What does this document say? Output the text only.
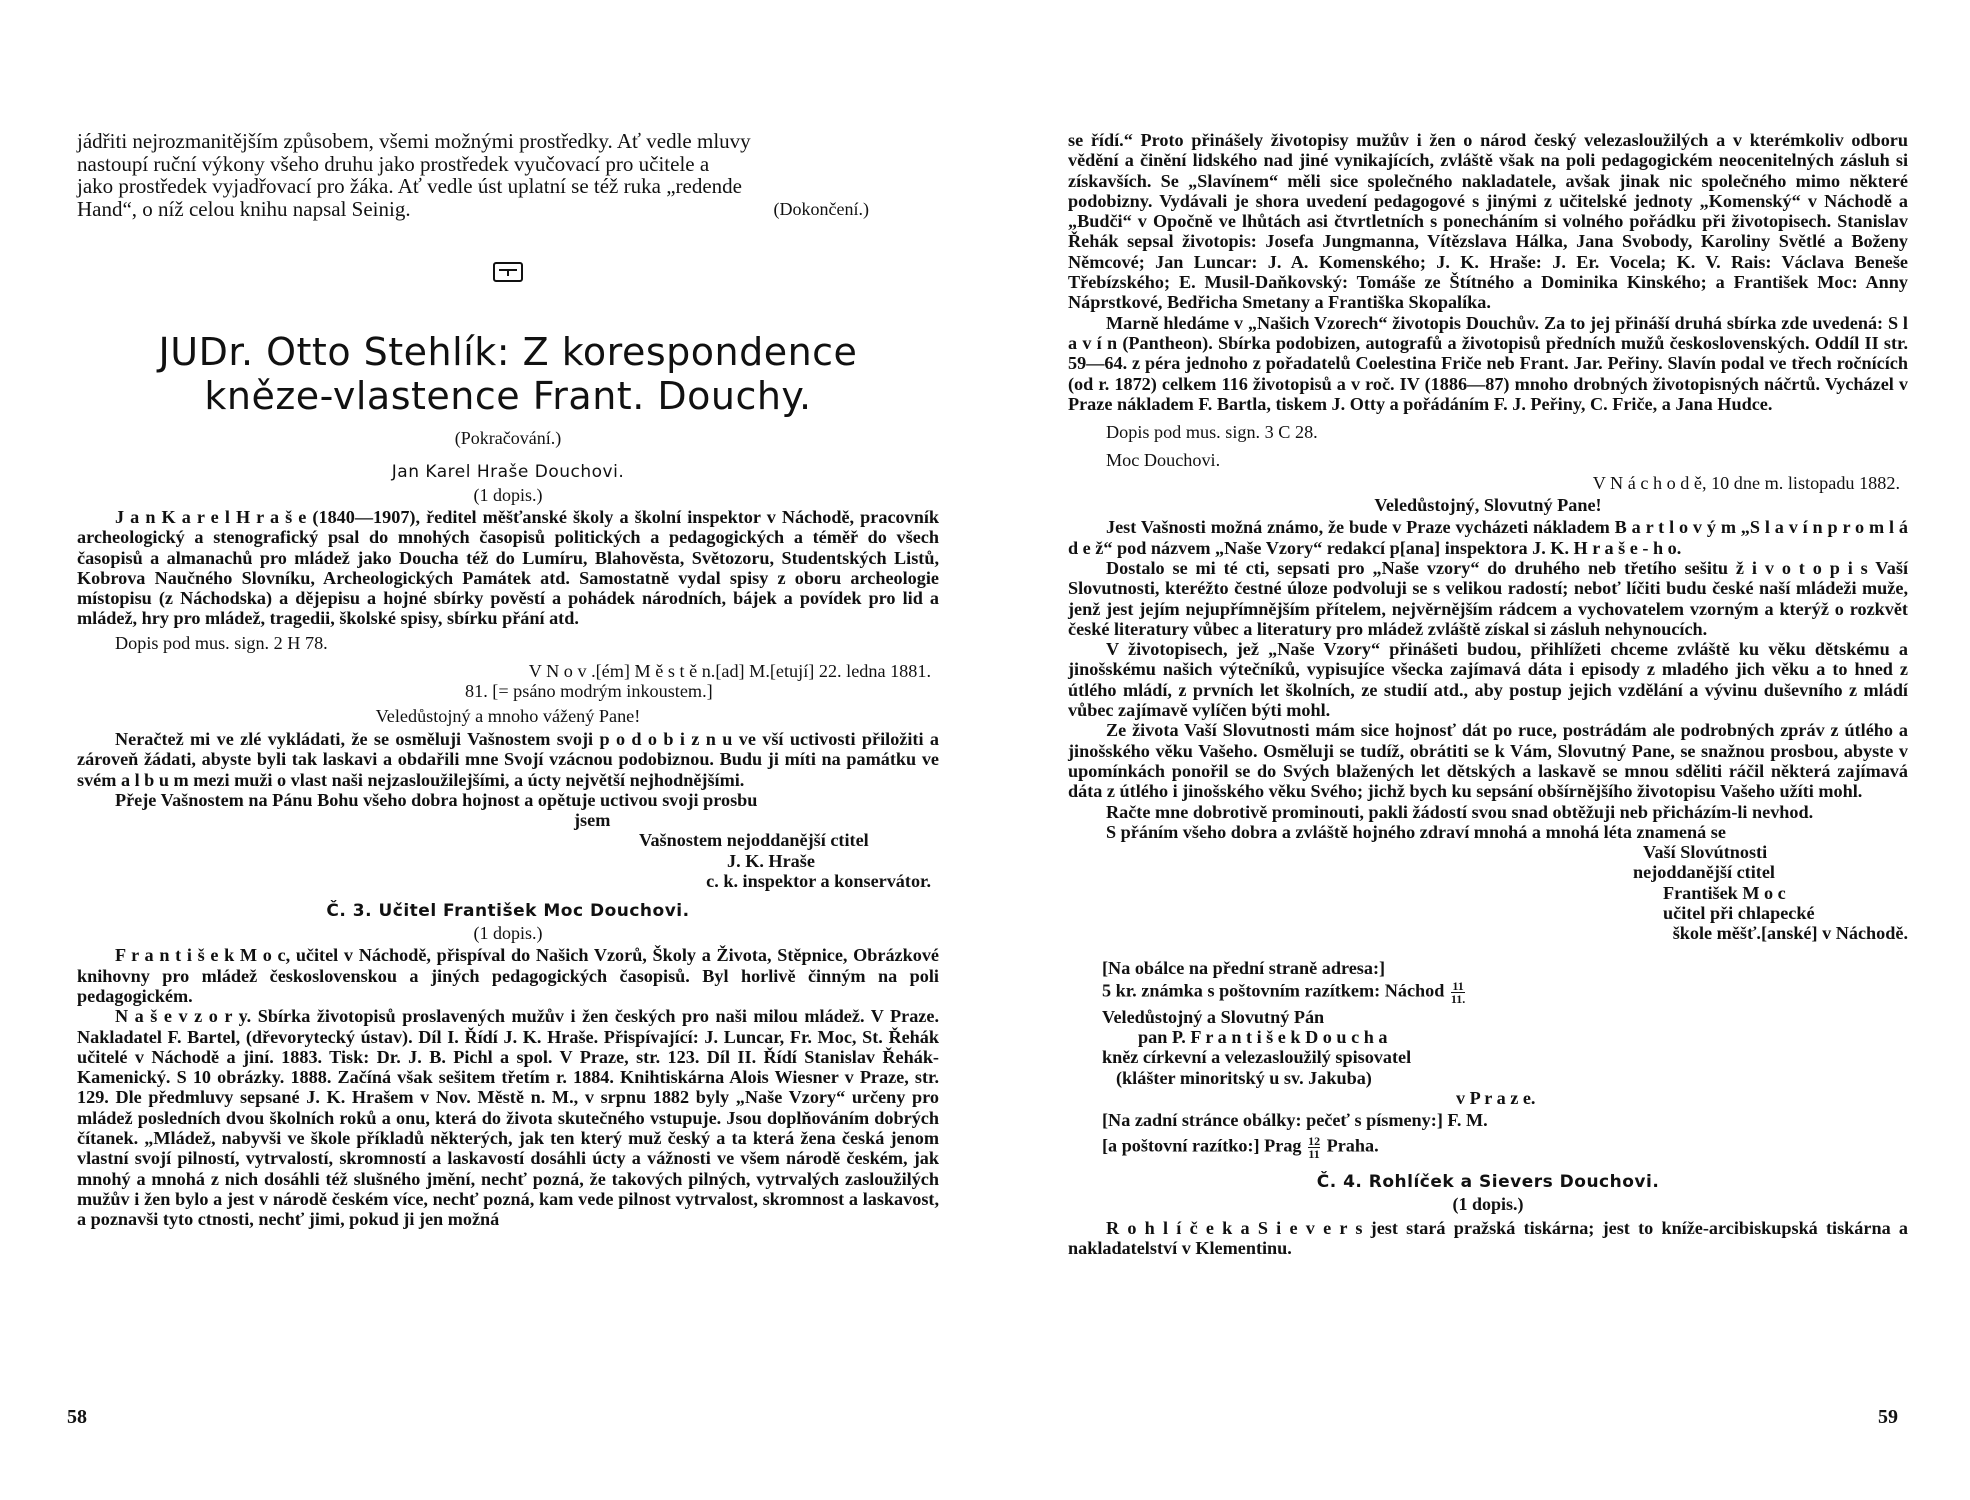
jádřiti nejrozmanitějším způsobem, všemi možnými prostředky. Ať vedle mluvy

nastoupí ruční výkony všeho druhu jako prostředek vyučovací pro učitele a

jako prostředek vyjadřovací pro žáka. Ať vedle úst uplatní se též ruka „redende

Hand“, o níž celou knihu napsal Seinig.	(Dokončení.)

JUDr. Otto Stehlík: Z korespondence

kněze-vlastence Frant. Douchy.

(Pokračování.)

Jan Karel Hraše Douchovi.

(1 dopis.)

J a n K a r e l H r a š e (1840—1907), ředitel měšťanské školy a školní inspektor v Náchodě, pracovník archeologický a stenografický psal do mnohých časopisů politických a pedagogických a téměř do všech časopisů a almanachů pro mládež jako Doucha též do Lumíru, Blahověsta, Světozoru, Studentských Listů, Kobrova Naučného Slovníku, Archeologických Památek atd. Samostatně vydal spisy z oboru archeologie místopisu (z Náchodska) a dějepisu a hojné sbírky pověstí a pohádek národních, bájek a povídek pro lid a mládež, hry pro mládež, tragedii, školské spisy, sbírku přání atd.

Dopis pod mus. sign. 2 H 78.

V N o v .[ém] M ě s t ě n.[ad] M.[etují] 22. ledna 1881.

81. [= psáno modrým inkoustem.]

Veledůstojný a mnoho vážený Pane!

Neračtež mi ve zlé vykládati, že se osměluji Vašnostem svoji p o d o b i z n u ve vší uctivosti přiložiti a zároveň žádati, abyste byli tak laskavi a obdařili mne Svojí vzácnou podobiznou. Budu ji míti na památku ve svém a l b u m mezi muži o vlast naši nejzasloužilejšími, a úcty největší nejhodnějšími.

Přeje Vašnostem na Pánu Bohu všeho dobra hojnost a opětuje uctivou svoji prosbu

jsem

Vašnostem nejoddanější ctitel

J. K. Hraše

c. k. inspektor a konservátor.

Č. 3. Učitel František Moc Douchovi.

(1 dopis.)

F r a n t i š e k M o c, učitel v Náchodě, přispíval do Našich Vzorů, Školy a Života, Stěpnice, Obrázkové knihovny pro mládež československou a jiných pedagogických časopisů. Byl horlivě činným na poli pedagogickém.

N a š e v z o r y. Sbírka životopisů proslavených mužův i žen českých pro naši milou mládež. V Praze. Nakladatel F. Bartel, (dřevorytecký ústav). Díl I. Řídí J. K. Hraše. Přispívající: J. Luncar, Fr. Moc, St. Řehák učitelé v Náchodě a jiní. 1883. Tisk: Dr. J. B. Pichl a spol. V Praze, str. 123. Díl II. Řídí Stanislav Řehák-Kamenický. S 10 obrázky. 1888. Začíná však sešitem třetím r. 1884. Knihtiskárna Alois Wiesner v Praze, str. 129. Dle předmluvy sepsané J. K. Hrašem v Nov. Městě n. M., v srpnu 1882 byly „Naše Vzory“ určeny pro mládež posledních dvou školních roků a onu, která do života skutečného vstupuje. Jsou doplňováním dobrých čítanek. „Mládež, nabyvši ve škole příkladů některých, jak ten který muž český a ta která žena česká jenom vlastní svojí pilností, vytrvalostí, skromností a laskavostí dosáhli úcty a vážnosti ve všem národě českém, jak mnohý a mnohá z nich dosáhli též slušného jmění, nechť pozná, že takových pilných, vytrvalých zasloužilých mužův i žen bylo a jest v národě českém více, nechť pozná, kam vede pilnost vytrvalost, skromnost a laskavost, a poznavši tyto ctnosti, nechť jimi, pokud ji jen možná

58

se řídí.“ Proto přinášely životopisy mužův i žen o národ český velezasloužilých a v kterémkoliv odboru vědění a činění lidského nad jiné vynikajících, zvláště však na poli pedagogickém neocenitelných zásluh si získavších. Se „Slavínem“ měli sice společného nakladatele, avšak jinak nic společného mimo některé podobizny. Vydávali je shora uvedení pedagogové s jinými z učitelské jednoty „Komenský“ v Náchodě a „Budči“ v Opočně ve lhůtách asi čtvrtletních s ponecháním si volného pořádku při životopisech. Stanislav Řehák sepsal životopis: Josefa Jungmanna, Vítězslava Hálka, Jana Svobody, Karoliny Světlé a Boženy Němcové; Jan Luncar: J. A. Komenského; J. K. Hraše: J. Er. Vocela; K. V. Rais: Václava Beneše Třebízského; E. Musil-Daňkovský: Tomáše ze Štítného a Dominika Kinského; a František Moc: Anny Náprstkové, Bedřicha Smetany a Františka Skopalíka.

Marně hledáme v „Našich Vzorech“ životopis Douchův. Za to jej přináší druhá sbírka zde uvedená: S l a v í n (Pantheon). Sbírka podobizen, autografů a životopisů předních mužů československých. Oddíl II str. 59—64. z péra jednoho z pořadatelů Coelestina Friče neb Frant. Jar. Peřiny. Slavín podal ve třech ročnících (od r. 1872) celkem 116 životopisů a v roč. IV (1886—87) mnoho drobných životopisných náčrtů. Vycházel v Praze nákladem F. Bartla, tiskem J. Otty a pořádáním F. J. Peřiny, C. Friče, a Jana Hudce.

Dopis pod mus. sign. 3 C 28.

Moc Douchovi.

V N á c h o d ě, 10 dne m. listopadu 1882.

Veledůstojný, Slovutný Pane!

Jest Vašnosti možná známo, že bude v Praze vycházeti nákladem B a r t l o v ý m „S l a v í n p r o m l á d e ž“ pod názvem „Naše Vzory“ redakcí p[ana] inspektora J. K. H r a š e - h o.

Dostalo se mi té cti, sepsati pro „Naše vzory“ do druhého neb třetího sešitu ž i v o t o p i s Vaší Slovutnosti, kteréžto čestné úloze podvoluji se s velikou radostí; neboť líčiti budu české naší mládeži muže, jenž jest jejím nejupřímnějším přítelem, nejvěrnějším rádcem a vychovatelem vzorným a kterýž o rozkvět české literatury vůbec a literatury pro mládež zvláště získal si zásluh nehynoucích.

V životopisech, jež „Naše Vzory“ přinášeti budou, přihlížeti chceme zvláště ku věku dětskému a jinošskému našich výtečníků, vypisujíce všecka zajímavá dáta i episody z mladého jich věku a to hned z útlého mládí, z prvních let školních, ze studií atd., aby postup jejich vzdělání a vývinu duševního z mládí vůbec zajímavě vylíčen býti mohl.

Ze života Vaší Slovutnosti mám sice hojnosť dát po ruce, postrádám ale podrobných zpráv z útlého a jinošského věku Vašeho. Osměluji se tudíž, obrátiti se k Vám, Slovutný Pane, se snažnou prosbou, abyste v upomínkách ponořil se do Svých blažených let dětských a laskavě se mnou sděliti ráčil některá zajímavá dáta z útlého i jinošského věku Svého; jichž bych ku sepsání obšírnějšího životopisu Vašeho užíti mohl.

Račte mne dobrotivě prominouti, pakli žádostí svou snad obtěžuji neb přicházím-li nevhod.

S přáním všeho dobra a zvláště hojného zdraví mnohá a mnohá léta znamená se

Vaší Slovútnosti

nejoddanější ctitel

František M o c

učitel při chlapecké

škole měšť.[anské] v Náchodě.

[Na obálce na přední straně adresa:]

5 kr. známka s poštovním razítkem: Náchod $\frac{11}{11.}$

Veledůstojný a Slovutný Pán

pan P. F r a n t i š e k D o u c h a

kněz církevní a velezasloužilý spisovatel

(klášter minoritský u sv. Jakuba)

v P r a z e.

[Na zadní stránce obálky: pečeť s písmeny:] F. M.

[a poštovní razítko:] Prag $\frac{12}{11}$ Praha.

Č. 4. Rohlíček a Sievers Douchovi.

(1 dopis.)

R o h l í č e k a S i e v e r s jest stará pražská tiskárna; jest to kníže-arcibiskupská tiskárna a nakladatelství v Klementinu.

59
